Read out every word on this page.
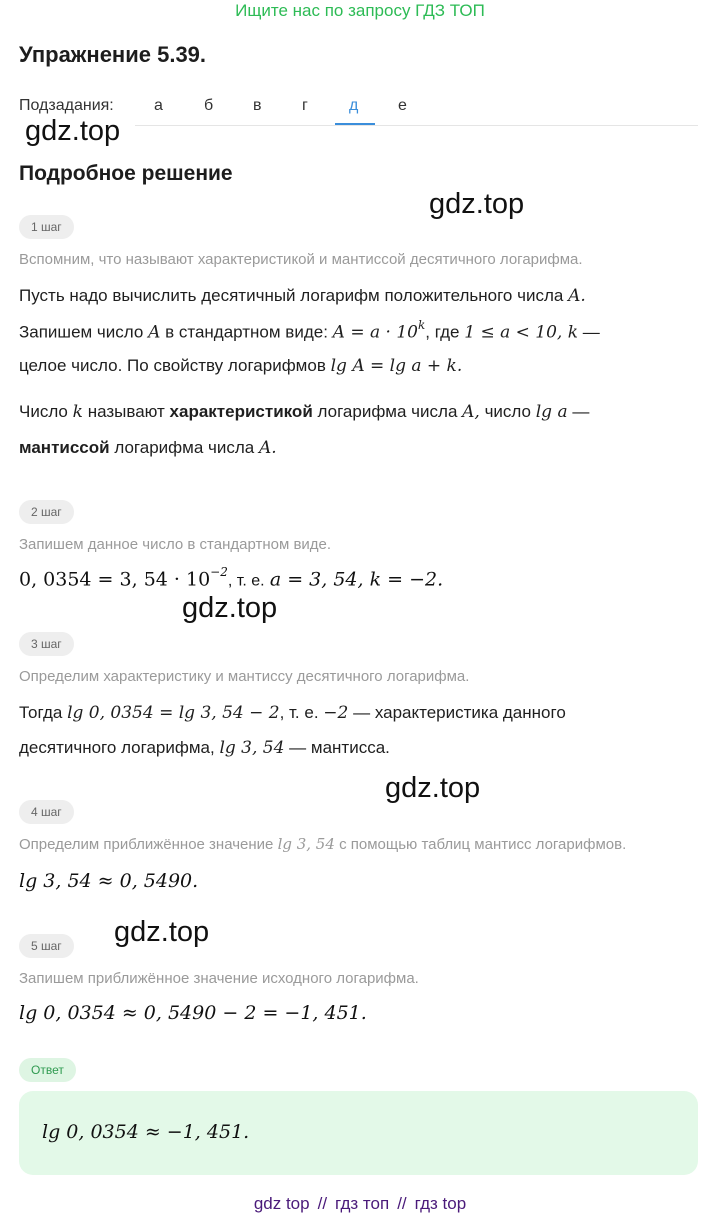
Ищите нас по запросу ГДЗ ТОП
Упражнение 5.39.
Подзадания:	а	б в	г	д е
gdz.top
gdz.top
gdz.top
gdz.top
gdz.top
Подробное решение
1 шаг
Вспомним, что называют характеристикой и мантиссой десятичного логарифма.
Пусть надо вычислить десятичный логарифм положительного числа A.
Запишем число A в стандартном виде: $A = a \cdot 10^k$, где 1 ≤ a < 10, k —
целое число. По свойству логарифмов lg A = lg a + k.
Число k называют характеристикой логарифма числа A, число lg a —
мантиссой логарифма числа A.
2 шаг
Запишем данное число в стандартном виде.
0, 0354 = 3, $54 \cdot 10^{-2}$, т. е. a = 3, 54, k = −2.
3 шаг
Определим характеристику и мантиссу десятичного логарифма.
Тогда lg 0, 0354 = lg 3, 54 − 2, т. е. −2 — характеристика данного
десятичного логарифма, lg 3, 54 — мантисса.
4 шаг
Определим приближённое значение lg 3, 54 с помощью таблиц мантисс логарифмов.
lg 3, 54 ≈ 0, 5490.
5 шаг
Запишем приближённое значение исходного логарифма.
lg 0, 0354 ≈ 0, 5490 − 2 = −1, 451.
Ответ
lg 0, 0354 ≈ −1, 451.
gdz top // гдз топ // гдз top
